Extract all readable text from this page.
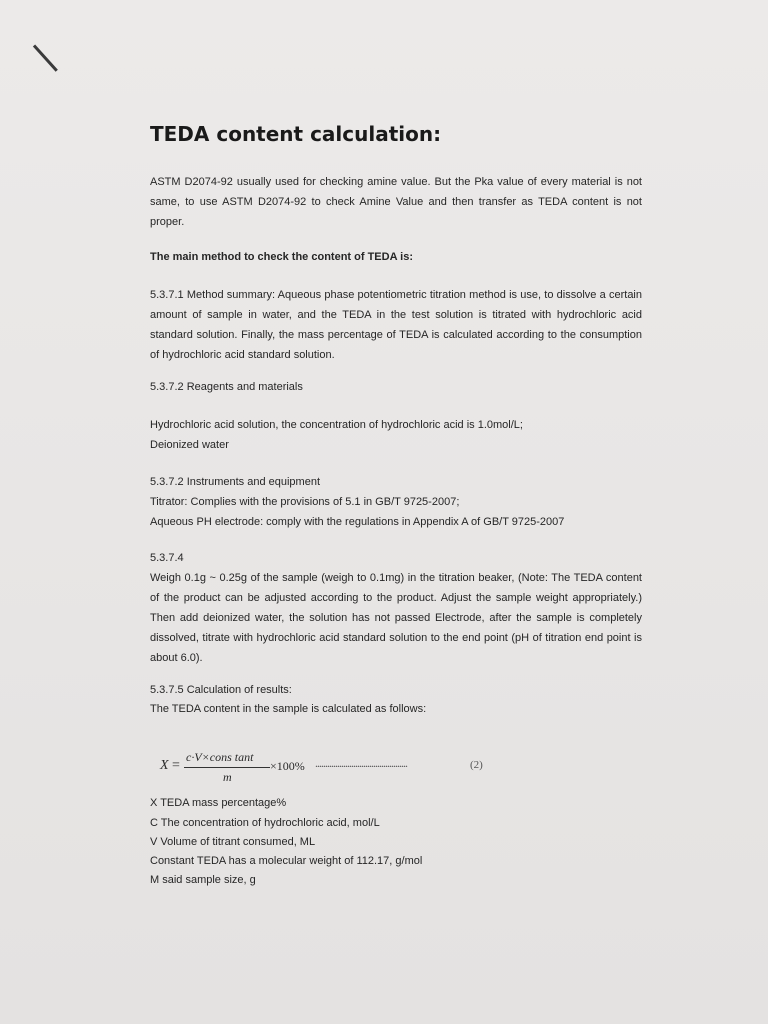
TEDA content calculation:
ASTM D2074-92 usually used for checking amine value. But the Pka value of every material is not same, to use ASTM D2074-92 to check Amine Value and then transfer as TEDA content is not proper.
The main method to check the content of TEDA is:
5.3.7.1 Method summary: Aqueous phase potentiometric titration method is use, to dissolve a certain amount of sample in water, and the TEDA in the test solution is titrated with hydrochloric acid standard solution. Finally, the mass percentage of TEDA is calculated according to the consumption of hydrochloric acid standard solution.
5.3.7.2 Reagents and materials
Hydrochloric acid solution, the concentration of hydrochloric acid is 1.0mol/L;
Deionized water
5.3.7.2 Instruments and equipment
Titrator: Complies with the provisions of 5.1 in GB/T 9725-2007;
Aqueous PH electrode: comply with the regulations in Appendix A of GB/T 9725-2007
5.3.7.4
Weigh 0.1g ~ 0.25g of the sample (weigh to 0.1mg) in the titration beaker, (Note: The TEDA content of the product can be adjusted according to the product. Adjust the sample weight appropriately.) Then add deionized water, the solution has not passed Electrode, after the sample is completely dissolved, titrate with hydrochloric acid standard solution to the end point (pH of titration end point is about 6.0).
5.3.7.5 Calculation of results:
The TEDA content in the sample is calculated as follows:
X =
c·V×cons tant
m
×100% ..............................................	(2)
X TEDA mass percentage%
C The concentration of hydrochloric acid, mol/L
V Volume of titrant consumed, ML
Constant TEDA has a molecular weight of 112.17, g/mol
M said sample size, g
